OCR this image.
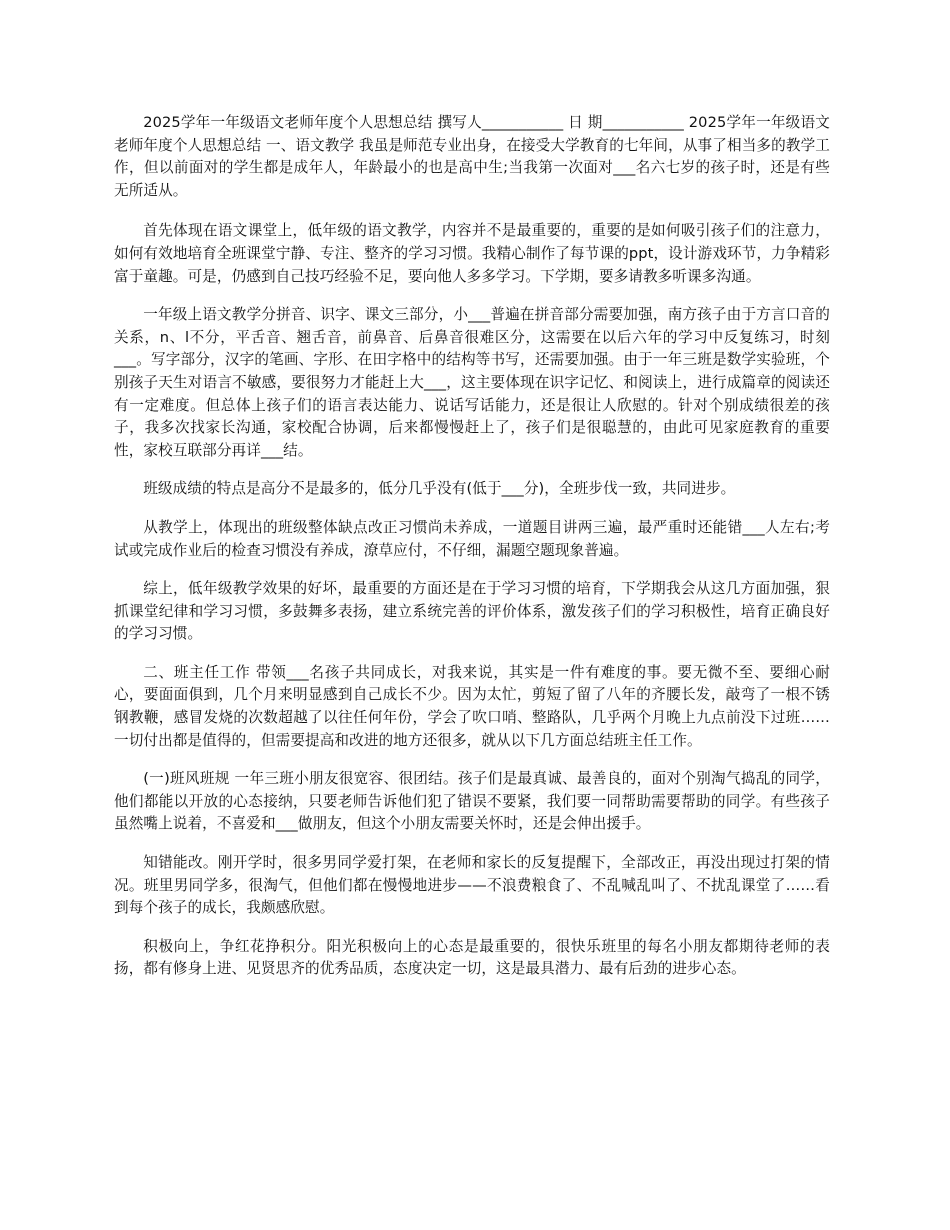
2025学年一年级语文老师年度个人思想总结 撰写人___________ 日 期___________ 2025学年一年级语文老师年度个人思想总结 一、语文教学 我虽是师范专业出身，在接受大学教育的七年间，从事了相当多的教学工作，但以前面对的学生都是成年人，年龄最小的也是高中生;当我第一次面对___名六七岁的孩子时，还是有些无所适从。

首先体现在语文课堂上，低年级的语文教学，内容并不是最重要的，重要的是如何吸引孩子们的注意力，如何有效地培育全班课堂宁静、专注、整齐的学习习惯。我精心制作了每节课的ppt，设计游戏环节，力争精彩富于童趣。可是，仍感到自己技巧经验不足，要向他人多多学习。下学期，要多请教多听课多沟通。

一年级上语文教学分拼音、识字、课文三部分，小___普遍在拼音部分需要加强，南方孩子由于方言口音的关系，n、l不分，平舌音、翘舌音，前鼻音、后鼻音很难区分，这需要在以后六年的学习中反复练习，时刻___。写字部分，汉字的笔画、字形、在田字格中的结构等书写，还需要加强。由于一年三班是数学实验班，个别孩子天生对语言不敏感，要很努力才能赶上大___，这主要体现在识字记忆、和阅读上，进行成篇章的阅读还有一定难度。但总体上孩子们的语言表达能力、说话写话能力，还是很让人欣慰的。针对个别成绩很差的孩子，我多次找家长沟通，家校配合协调，后来都慢慢赶上了，孩子们是很聪慧的，由此可见家庭教育的重要性，家校互联部分再详___结。

班级成绩的特点是高分不是最多的，低分几乎没有(低于___分)，全班步伐一致，共同进步。

从教学上，体现出的班级整体缺点改正习惯尚未养成，一道题目讲两三遍，最严重时还能错___人左右;考试或完成作业后的检查习惯没有养成，潦草应付，不仔细，漏题空题现象普遍。

综上，低年级教学效果的好坏，最重要的方面还是在于学习习惯的培育，下学期我会从这几方面加强，狠抓课堂纪律和学习习惯，多鼓舞多表扬，建立系统完善的评价体系，激发孩子们的学习积极性，培育正确良好的学习习惯。

二、班主任工作 带领___名孩子共同成长，对我来说，其实是一件有难度的事。要无微不至、要细心耐心，要面面俱到，几个月来明显感到自己成长不少。因为太忙，剪短了留了八年的齐腰长发，敲弯了一根不锈钢教鞭，感冒发烧的次数超越了以往任何年份，学会了吹口哨、整路队，几乎两个月晚上九点前没下过班……一切付出都是值得的，但需要提高和改进的地方还很多，就从以下几方面总结班主任工作。

(一)班风班规 一年三班小朋友很宽容、很团结。孩子们是最真诚、最善良的，面对个别淘气捣乱的同学，他们都能以开放的心态接纳，只要老师告诉他们犯了错误不要紧，我们要一同帮助需要帮助的同学。有些孩子虽然嘴上说着，不喜爱和___做朋友，但这个小朋友需要关怀时，还是会伸出援手。

知错能改。刚开学时，很多男同学爱打架，在老师和家长的反复提醒下，全部改正，再没出现过打架的情况。班里男同学多，很淘气，但他们都在慢慢地进步——不浪费粮食了、不乱喊乱叫了、不扰乱课堂了……看到每个孩子的成长，我颇感欣慰。

积极向上，争红花挣积分。阳光积极向上的心态是最重要的，很快乐班里的每名小朋友都期待老师的表扬，都有修身上进、见贤思齐的优秀品质，态度决定一切，这是最具潜力、最有后劲的进步心态。
